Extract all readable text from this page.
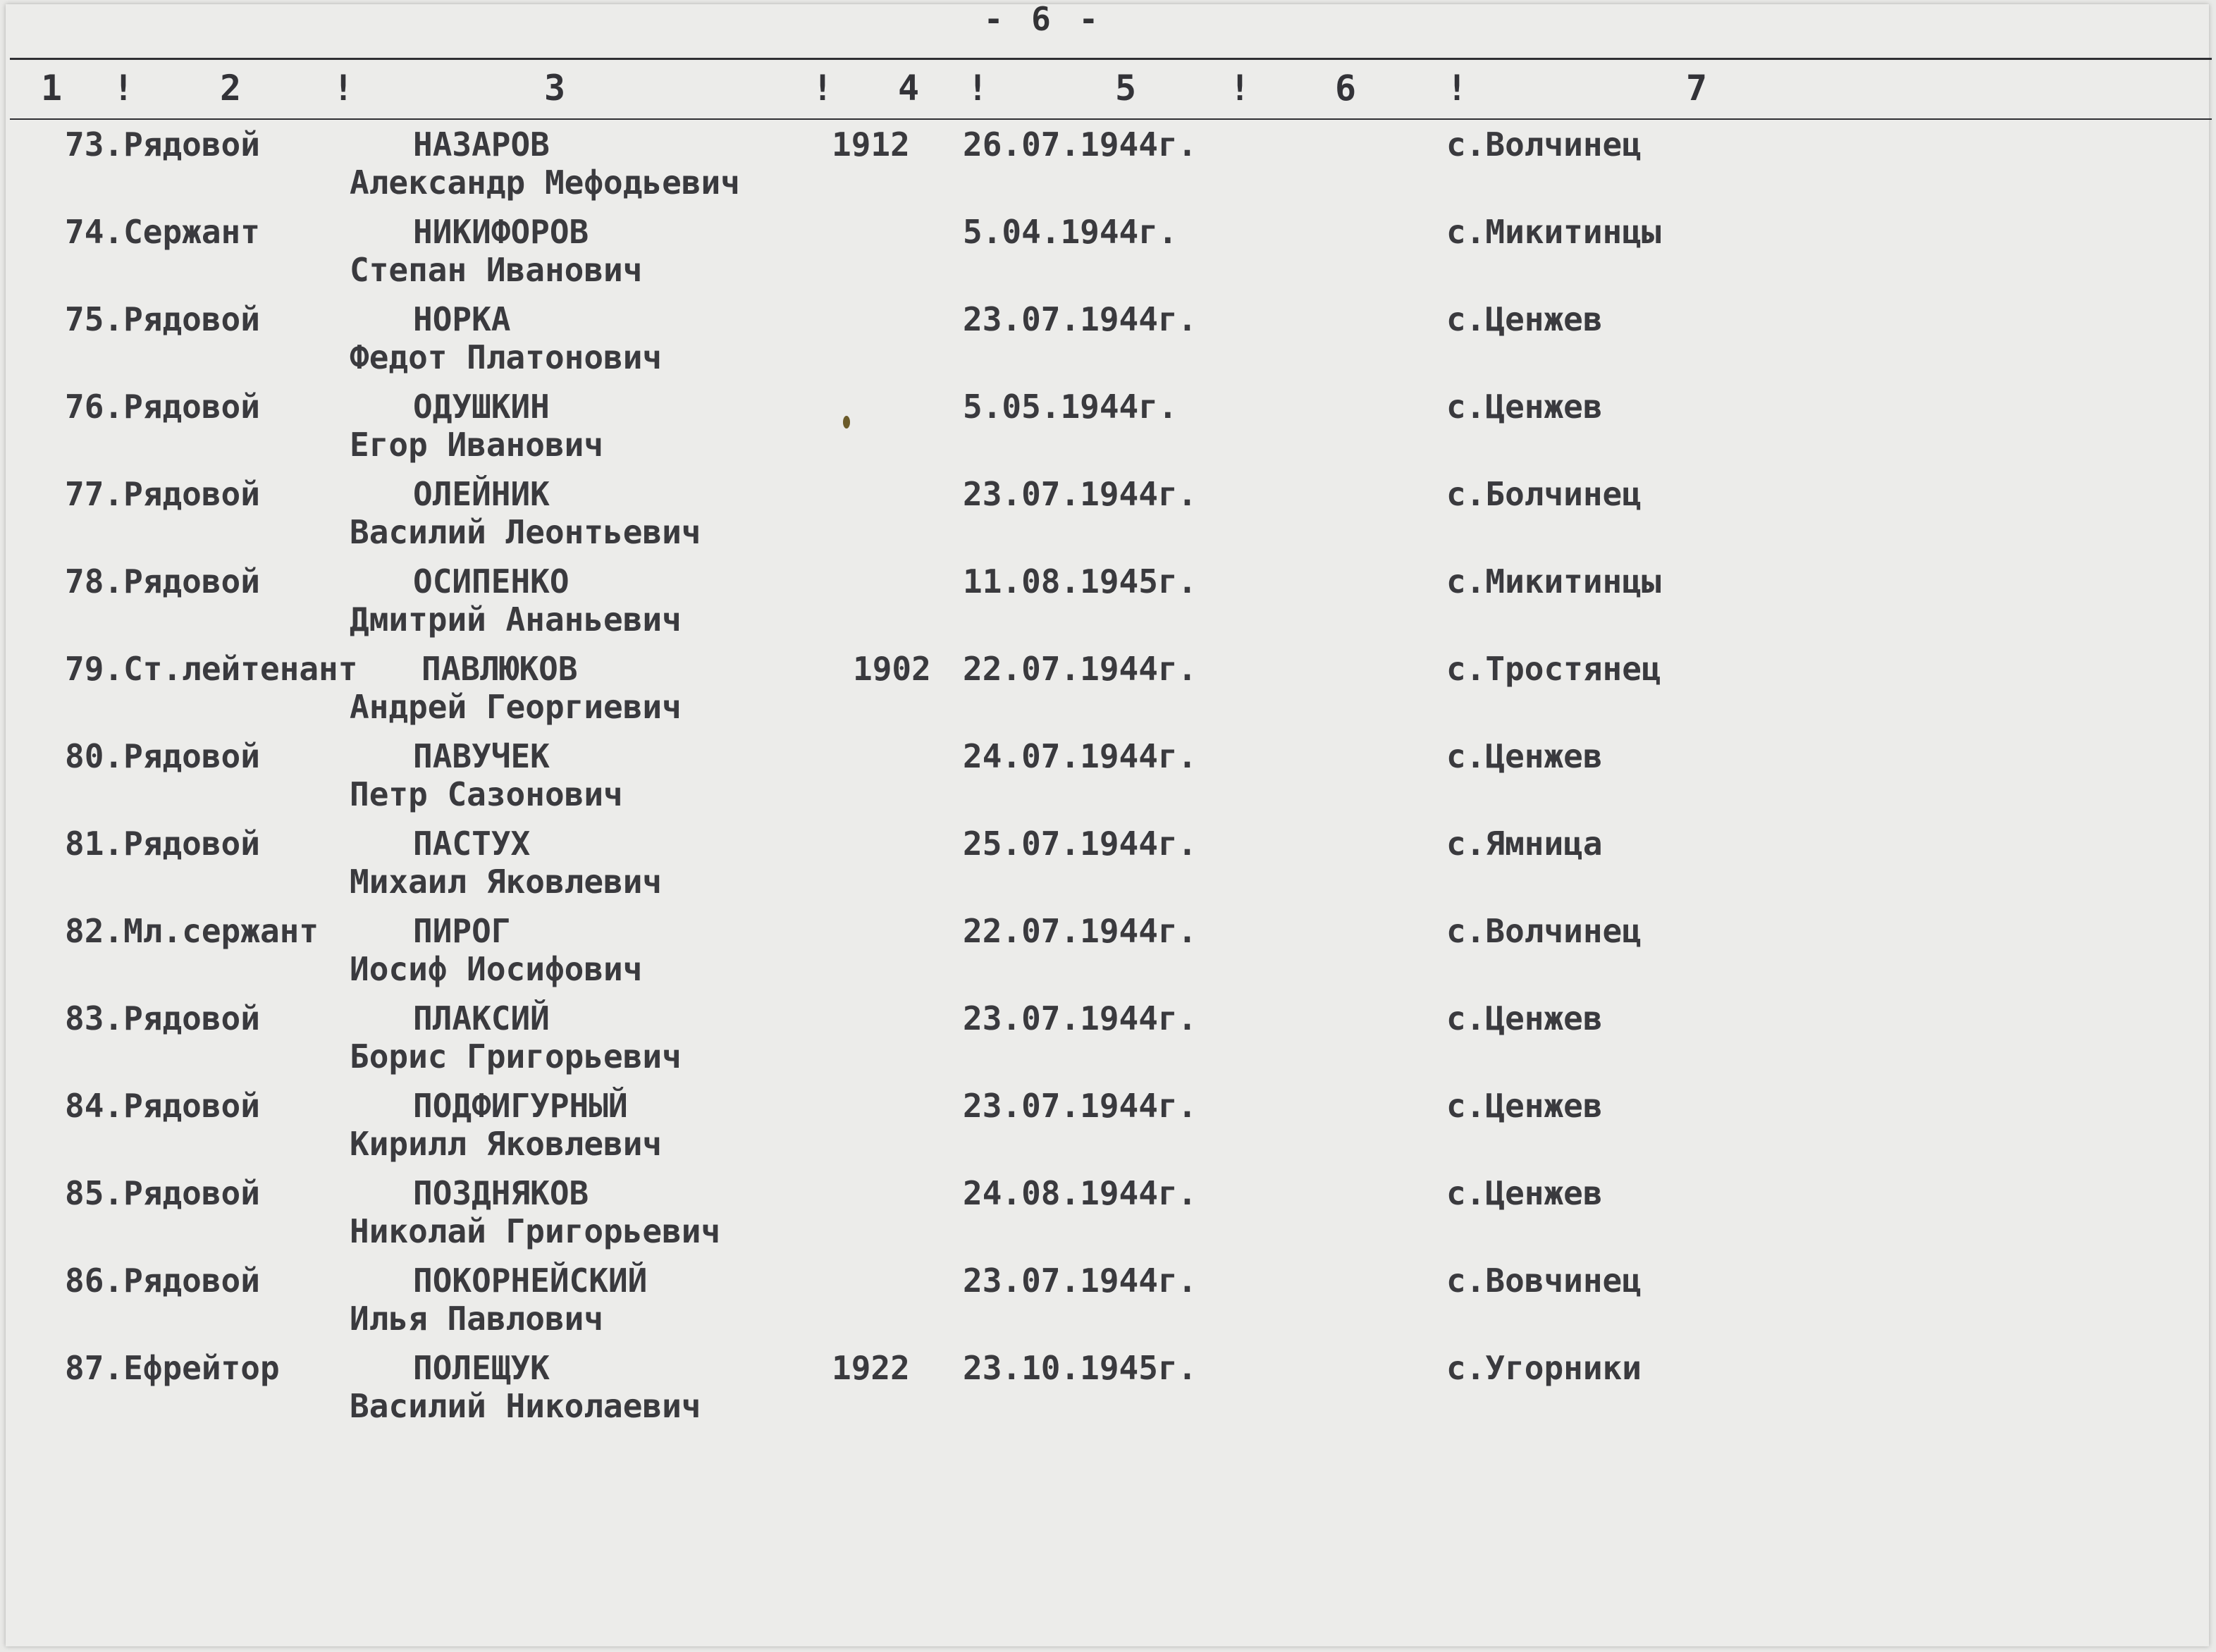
- 6 -
1 ! 2	!	3	! 4 !	5	! 6	!	7
73.Рядовой	НАЗАРОВ
Александр Мефодьевич
1912 26.07.1944г.	с.Волчинец
74.Сержант	НИКИФОРОВ
Степан Иванович
5.04.1944г.	с.Микитинцы
75.Рядовой	НОРКА
Федот Платонович
23.07.1944г.	с.Ценжев
76.Рядовой	ОДУШКИН
Егор Иванович
5.05.1944г.	с.Ценжев
77.Рядовой	ОЛЕЙНИК
Василий Леонтьевич
23.07.1944г.	с.Болчинец
78.Рядовой	ОСИПЕНКО
Дмитрий Ананьевич
11.08.1945г.	с.Микитинцы
79.Ст.лейтенант ПАВЛЮКОВ
Андрей Георгиевич
1902 22.07.1944г.	с.Тростянец
80.Рядовой	ПАВУЧЕК
Петр Сазонович
24.07.1944г.	с.Ценжев
81.Рядовой	ПАСТУХ
Михаил Яковлевич
25.07.1944г.	с.Ямница
82.Мл.сержант	ПИРОГ
Иосиф Иосифович
22.07.1944г.	с.Волчинец
83.Рядовой	ПЛАКСИЙ
Борис Григорьевич
23.07.1944г.	с.Ценжев
84.Рядовой	ПОДФИГУРНЫЙ
Кирилл Яковлевич
23.07.1944г.	с.Ценжев
85.Рядовой	ПОЗДНЯКОВ
Николай Григорьевич
24.08.1944г.	с.Ценжев
86.Рядовой	ПОКОРНЕЙСКИЙ
Илья Павлович
23.07.1944г.	с.Вовчинец
87.Ефрейтор	ПОЛЕЩУК
Василий Николаевич
1922 23.10.1945г.	с.Угорники
